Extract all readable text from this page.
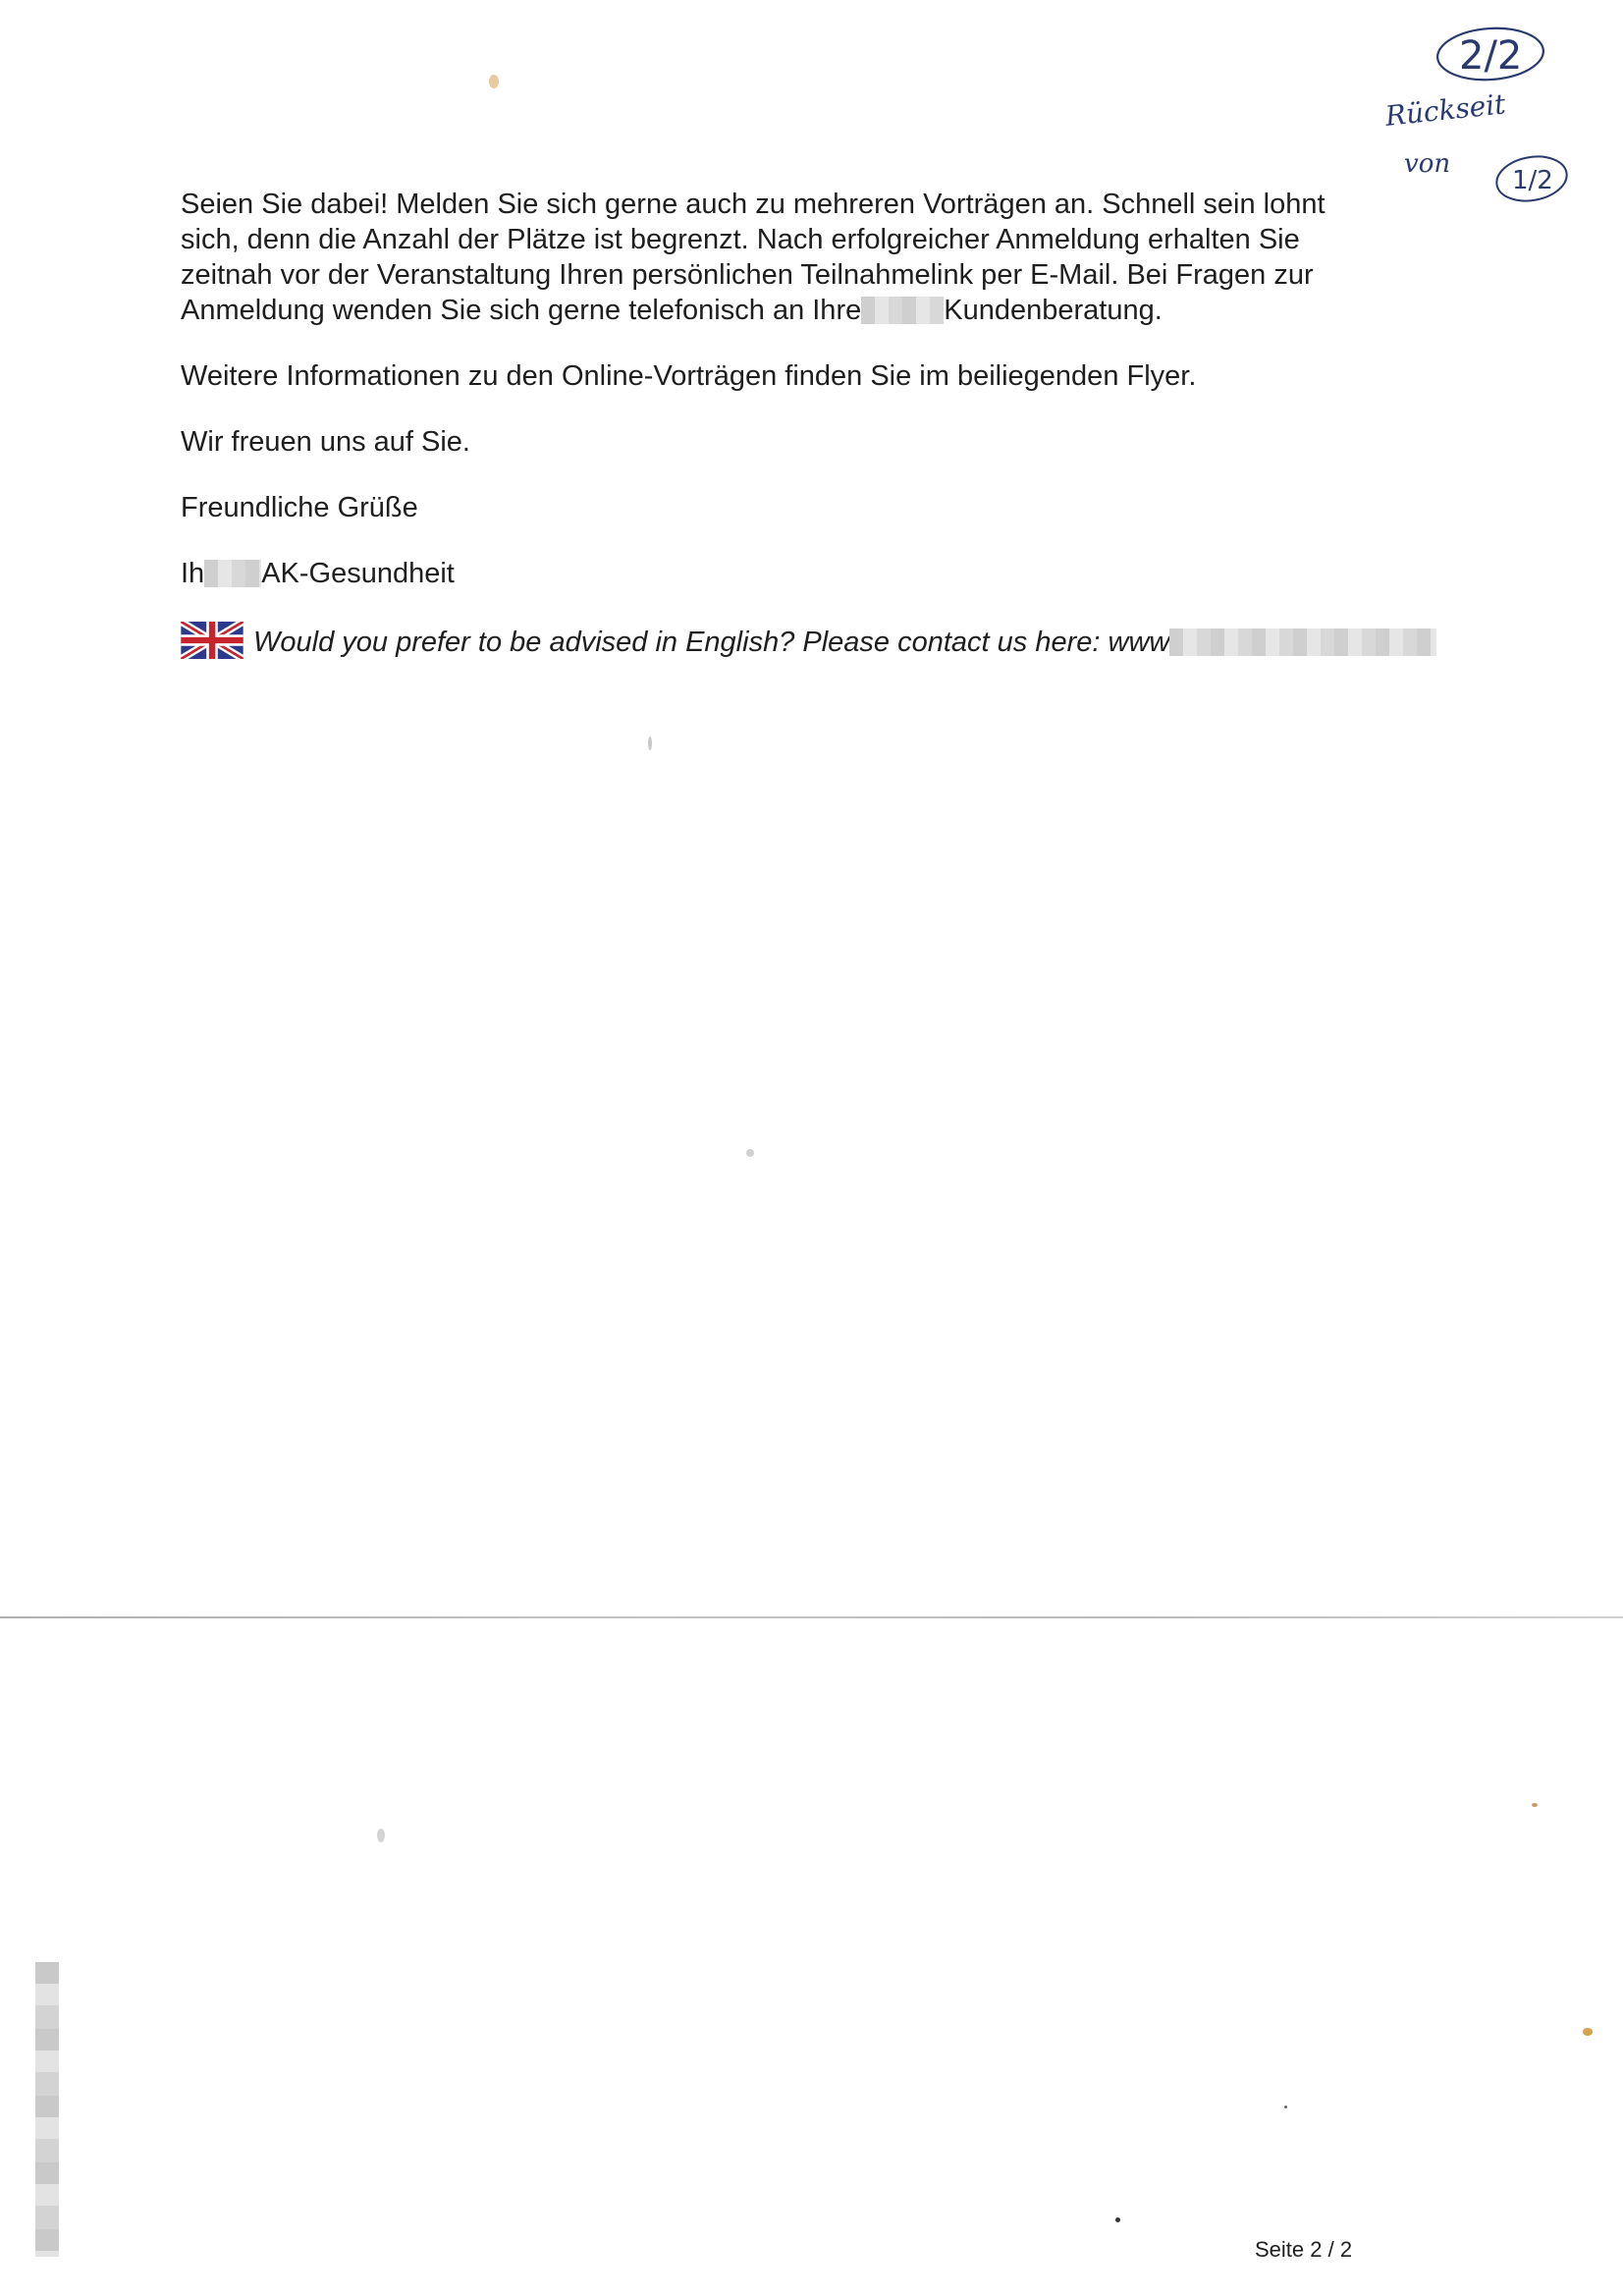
2/2
Rückseit
von
1/2

Seien Sie dabei! Melden Sie sich gerne auch zu mehreren Vorträgen an. Schnell sein lohnt
sich, denn die Anzahl der Plätze ist begrenzt. Nach erfolgreicher Anmeldung erhalten Sie
zeitnah vor der Veranstaltung Ihren persönlichen Teilnahmelink per E-Mail. Bei Fragen zur
Anmeldung wenden Sie sich gerne telefonisch an Ihre	Kundenberatung.

Weitere Informationen zu den Online-Vorträgen finden Sie im beiliegenden Flyer.

Wir freuen uns auf Sie.

Freundliche Grüße

Ih AK-Gesundheit

Would you prefer to be advised in English? Please contact us here: www

Seite 2 / 2
